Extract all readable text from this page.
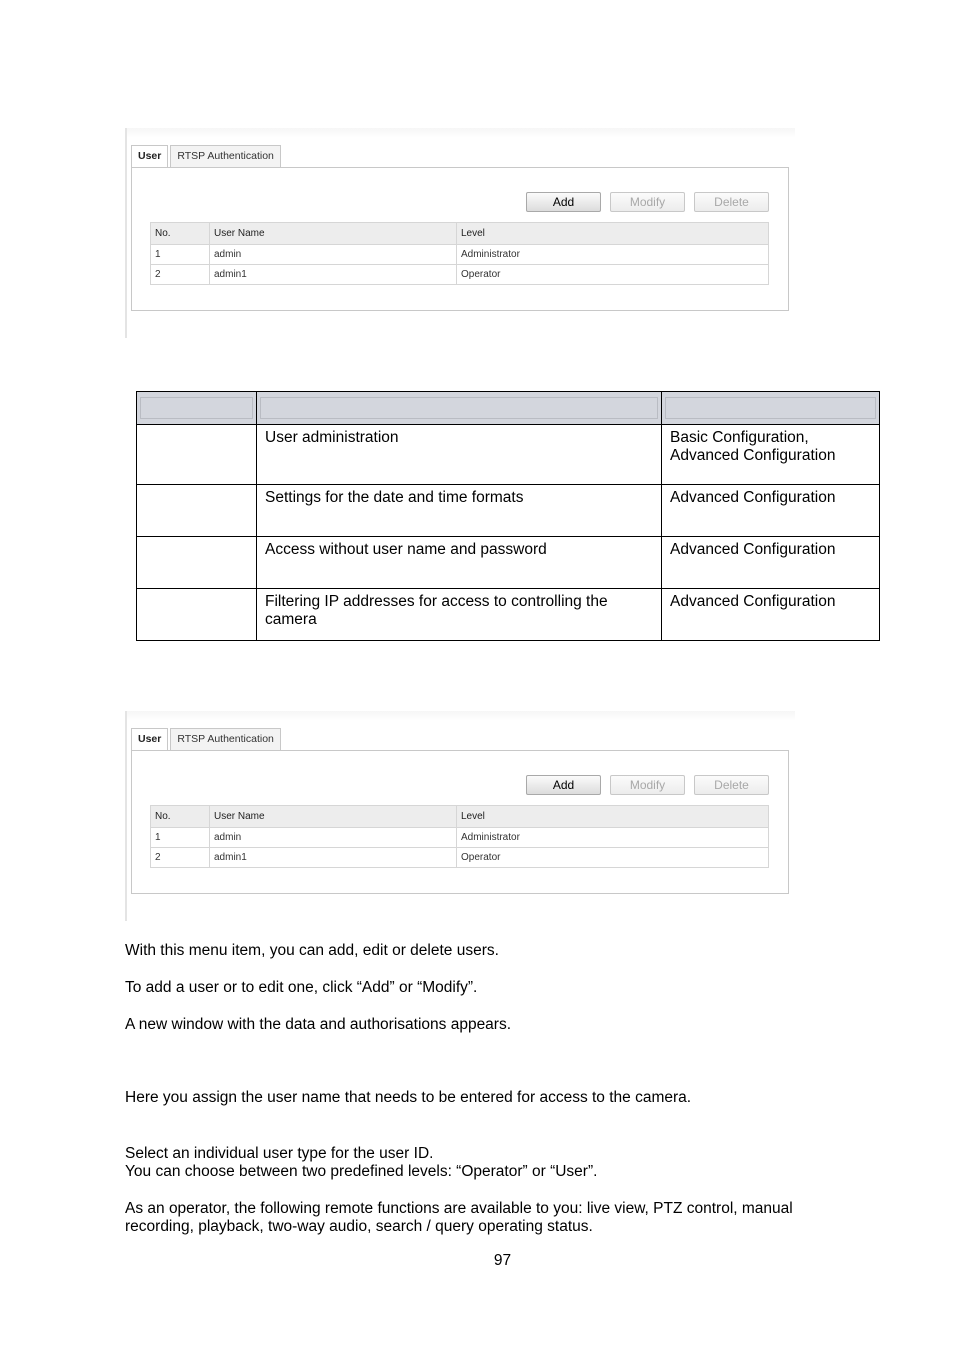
User	RTSP Authentication
Add	Modify	Delete
No.	User Name	Level
1	admin	Administrator
2	admin1	Operator

	User administration	Basic Configuration, Advanced Configuration
	Settings for the date and time formats	Advanced Configuration
	Access without user name and password	Advanced Configuration
	Filtering IP addresses for access to controlling the camera	Advanced Configuration
User	RTSP Authentication
Add	Modify	Delete
No.	User Name	Level
1	admin	Administrator
2	admin1	Operator

With this menu item, you can add, edit or delete users.

To add a user or to edit one, click “Add” or “Modify”.

A new window with the data and authorisations appears.

Here you assign the user name that needs to be entered for access to the camera.

Select an individual user type for the user ID.

You can choose between two predefined levels: “Operator” or “User”.

As an operator, the following remote functions are available to you: live view, PTZ control, manual recording, playback, two-way audio, search / query operating status.

97
